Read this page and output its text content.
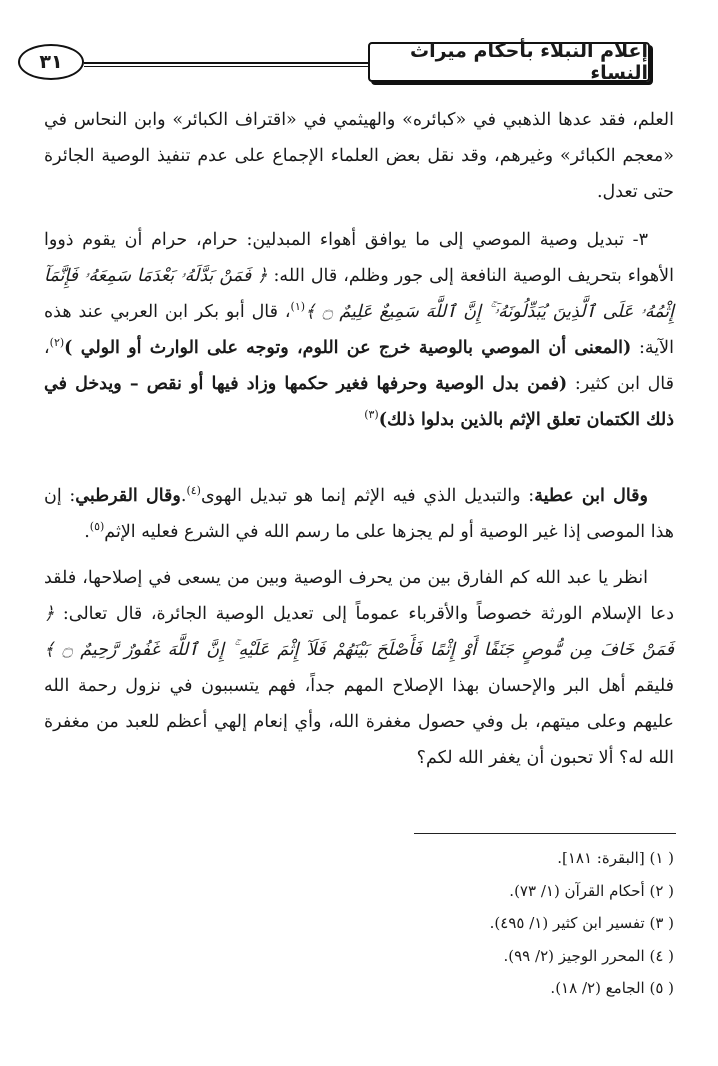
٣١	إعلام النبلاء بأحكام ميراث النساء

العلم، فقد عدها الذهبي في «كبائره» والهيثمي في «اقتراف الكبائر» وابن النحاس في «معجم الكبائر» وغيرهم، وقد نقل بعض العلماء الإجماع على عدم تنفيذ الوصية الجائرة حتى تعدل.

٣- تبديل وصية الموصي إلى ما يوافق أهواء المبدلين: حرام، حرام أن يقوم ذووا الأهواء بتحريف الوصية النافعة إلى جور وظلم، قال الله: ﴿ فَمَنْ بَدَّلَهُۥ بَعْدَمَا سَمِعَهُۥ فَإِنَّمَآ إِثْمُهُۥ عَلَى ٱلَّذِينَ يُبَدِّلُونَهُۥٓ ۚ إِنَّ ٱللَّهَ سَمِيعٌ عَلِيمٌ ۝ ﴾$^{(١)}$، قال أبو بكر ابن العربي عند هذه الآية: (المعنى أن الموصي بالوصية خرج عن اللوم، وتوجه على الوارث أو الولي )$^{(٢)}$، قال ابن كثير: (فمن بدل الوصية وحرفها فغير حكمها وزاد فيها أو نقص – ويدخل في ذلك الكتمان تعلق الإثم بالذين بدلوا ذلك)$^{(٣)}$

وقال ابن عطية: والتبديل الذي فيه الإثم إنما هو تبديل الهوى$^{(٤)}$.وقال القرطبي: إن هذا الموصى إذا غير الوصية أو لم يجزها على ما رسم الله في الشرع فعليه الإثم$^{(٥)}$.

انظر يا عبد الله كم الفارق بين من يحرف الوصية وبين من يسعى في إصلاحها، فلقد دعا الإسلام الورثة خصوصاً والأقرباء عموماً إلى تعديل الوصية الجائرة، قال تعالى: ﴿ فَمَنْ خَافَ مِن مُّوصٍ جَنَفًا أَوْ إِثْمًا فَأَصْلَحَ بَيْنَهُمْ فَلَآ إِثْمَ عَلَيْهِ ۚ إِنَّ ٱللَّهَ غَفُورٌ رَّحِيمٌ ۝ ﴾ فليقم أهل البر والإحسان بهذا الإصلاح المهم جداً، فهم يتسببون في نزول رحمة الله عليهم وعلى ميتهم، بل وفي حصول مغفرة الله، وأي إنعام إلهي أعظم للعبد من مغفرة الله له؟ ألا تحبون أن يغفر الله لكم؟

( ١) [البقرة: ١٨١].
( ٢) أحكام القرآن (١/ ٧٣).
( ٣) تفسير ابن كثير (١/ ٤٩٥).
( ٤) المحرر الوجيز (٢/ ٩٩).
( ٥) الجامع (٢/ ١٨).
